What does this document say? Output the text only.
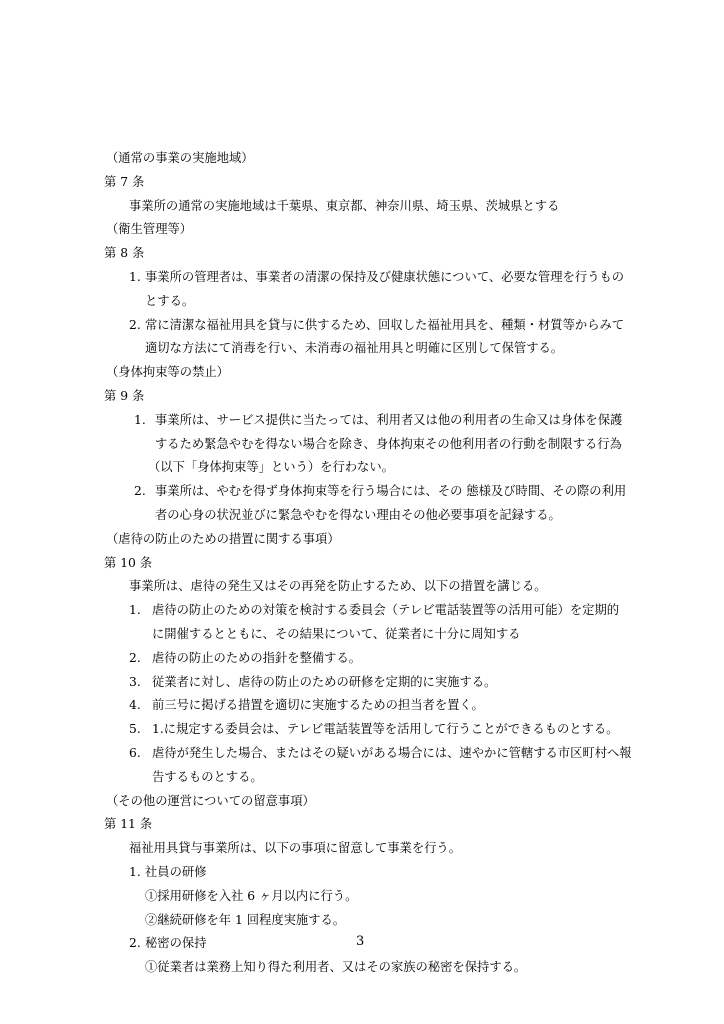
（通常の事業の実施地域）
第 7 条
事業所の通常の実施地域は千葉県、東京都、神奈川県、埼玉県、茨城県とする
（衛生管理等）
第 8 条
1. 事業所の管理者は、事業者の清潔の保持及び健康状態について、必要な管理を行うもの
とする。
2. 常に清潔な福祉用具を貸与に供するため、回収した福祉用具を、種類・材質等からみて
適切な方法にて消毒を行い、未消毒の福祉用具と明確に区別して保管する。
（身体拘束等の禁止）
第 9 条
1. 事業所は、サービス提供に当たっては、利用者又は他の利用者の生命又は身体を保護
するため緊急やむを得ない場合を除き、身体拘束その他利用者の行動を制限する行為
（以下「身体拘束等」という）を行わない。
2. 事業所は、やむを得ず身体拘束等を行う場合には、その 態様及び時間、その際の利用
者の心身の状況並びに緊急やむを得ない理由その他必要事項を記録する。
（虐待の防止のための措置に関する事項）
第 10 条
事業所は、虐待の発生又はその再発を防止するため、以下の措置を講じる。
1. 虐待の防止のための対策を検討する委員会（テレビ電話装置等の活用可能）を定期的
に開催するとともに、その結果について、従業者に十分に周知する
2. 虐待の防止のための指針を整備する。
3. 従業者に対し、虐待の防止のための研修を定期的に実施する。
4. 前三号に掲げる措置を適切に実施するための担当者を置く。
5. 1.に規定する委員会は、テレビ電話装置等を活用して行うことができるものとする。
6. 虐待が発生した場合、またはその疑いがある場合には、速やかに管轄する市区町村へ報
告するものとする。
（その他の運営についての留意事項）
第 11 条
福祉用具貸与事業所は、以下の事項に留意して事業を行う。
1. 社員の研修
①採用研修を入社 6 ヶ月以内に行う。
②継続研修を年 1 回程度実施する。
2. 秘密の保持
①従業者は業務上知り得た利用者、又はその家族の秘密を保持する。
3
